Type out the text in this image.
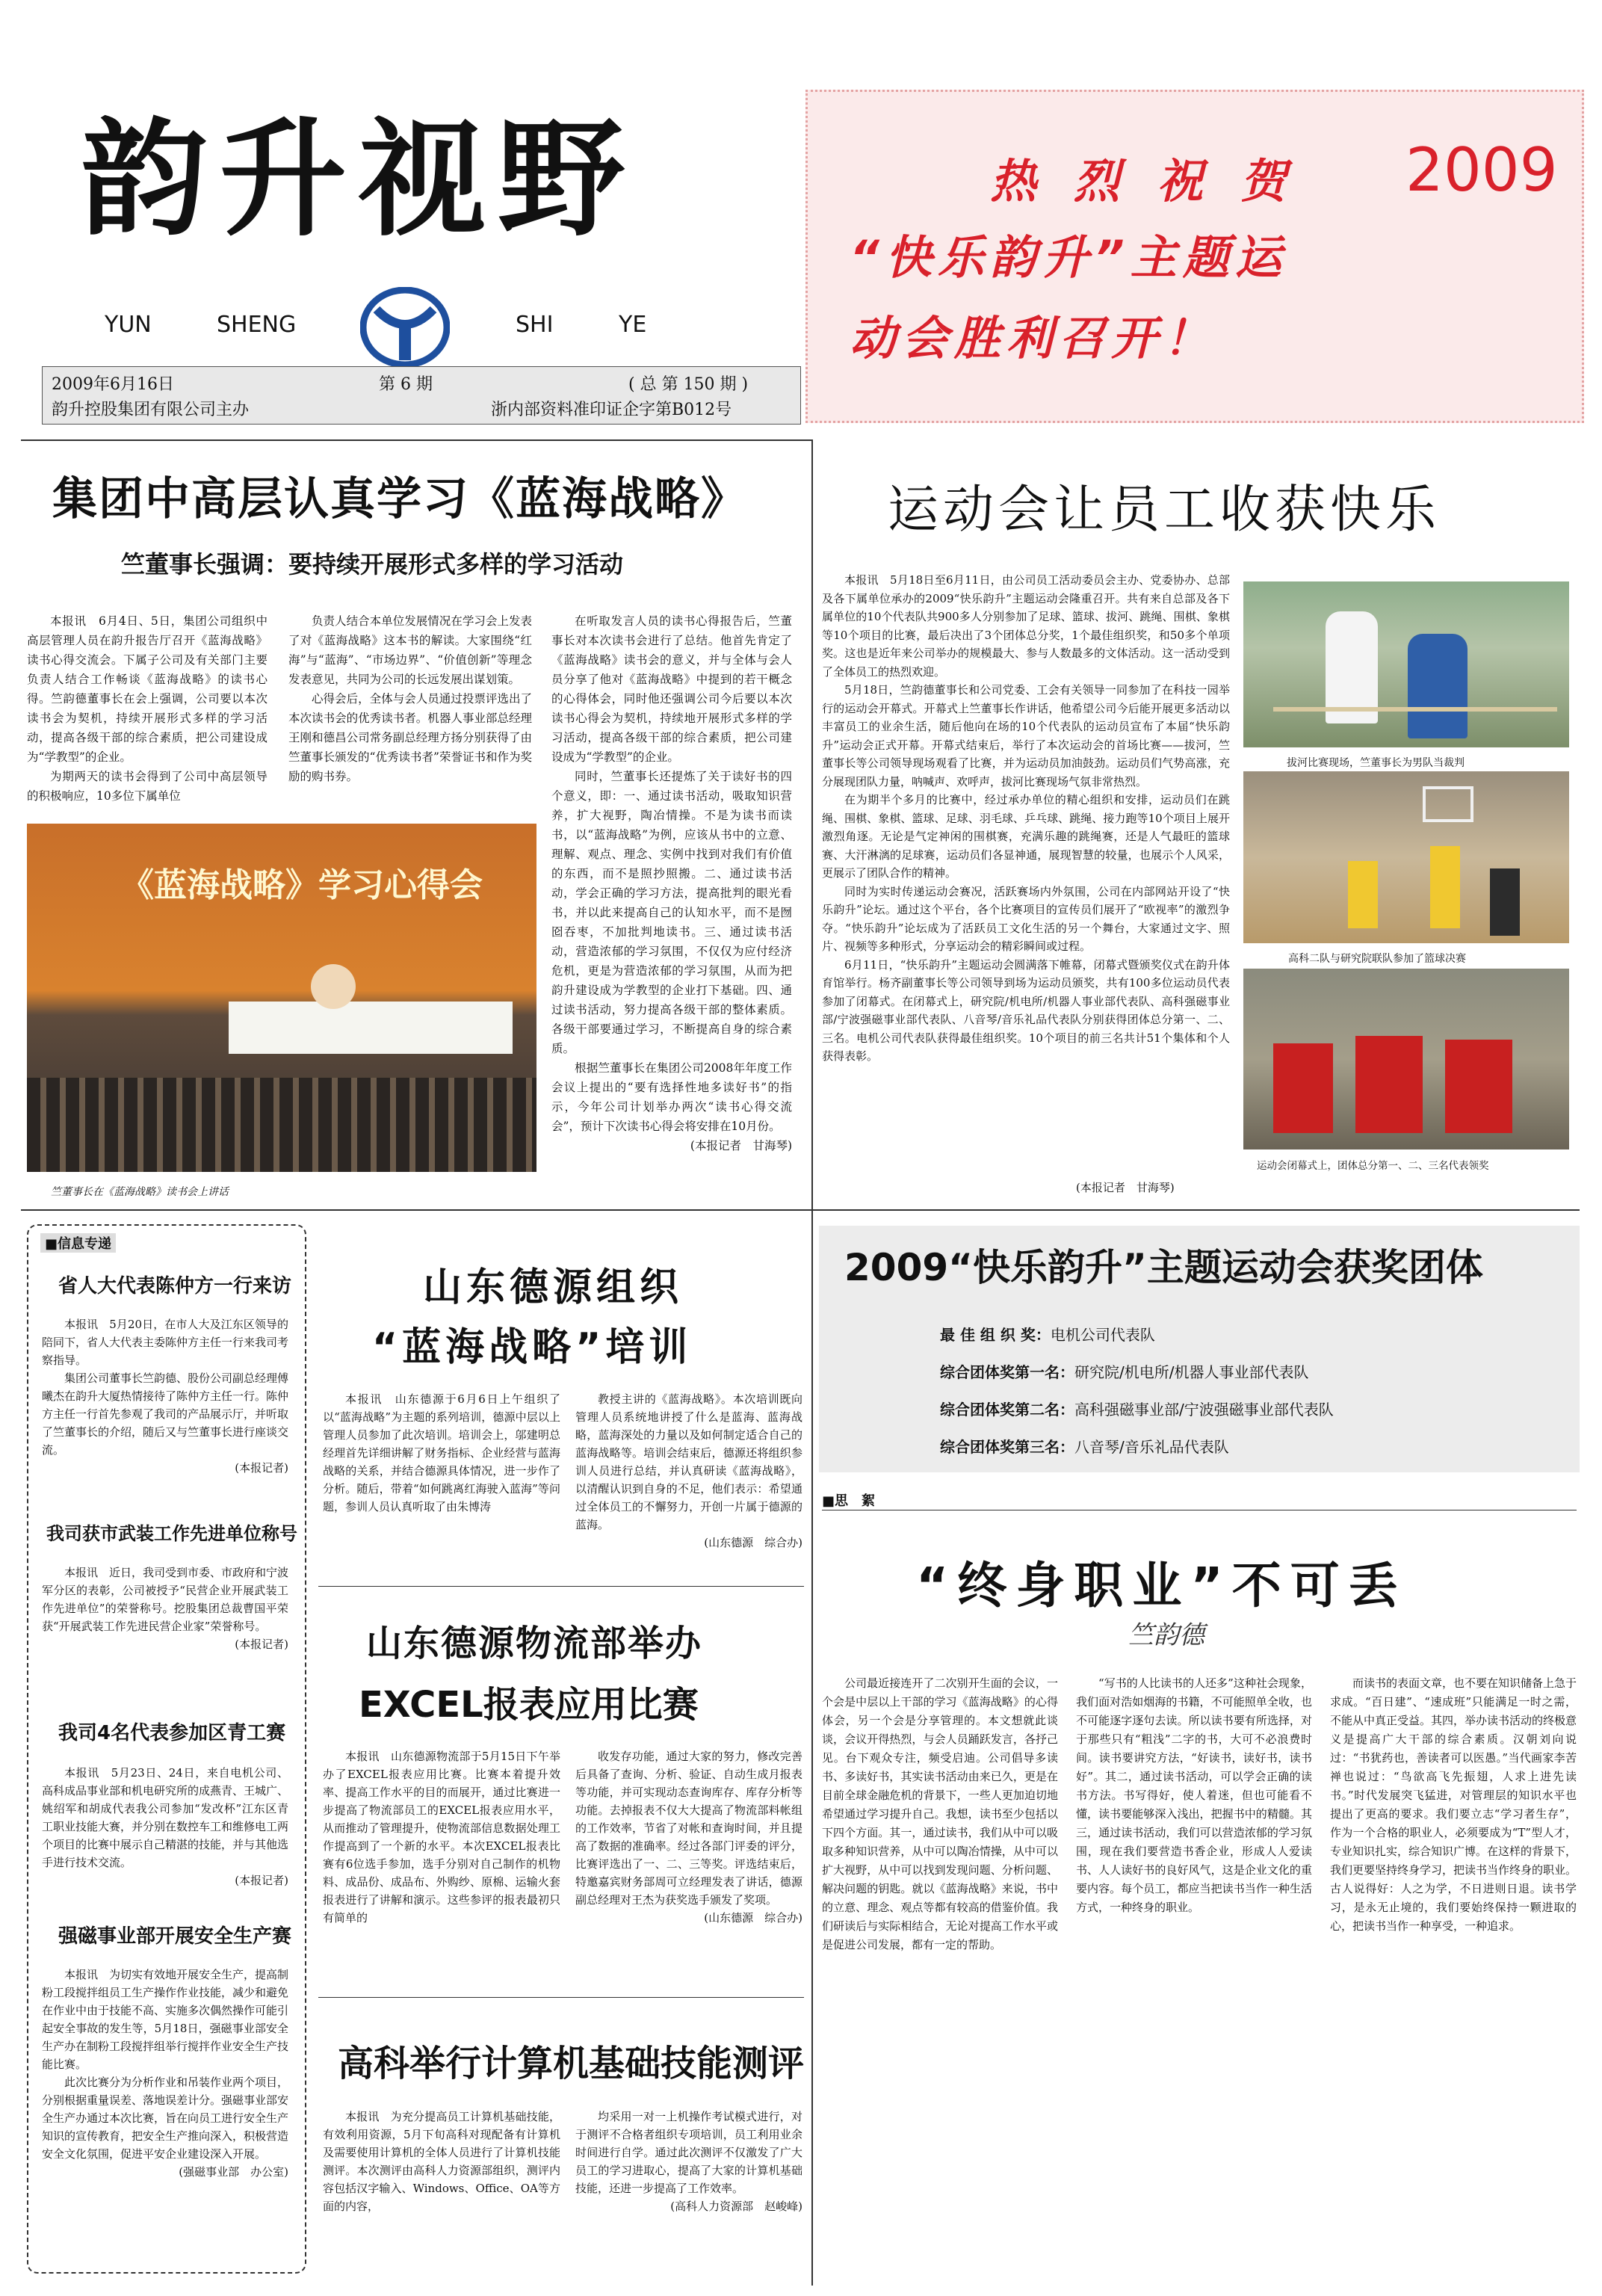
韵升视野
YUN	SHENG	SHI	YE
2009年6月16日	第 6 期	( 总 第 150 期 )
韵升控股集团有限公司主办	浙内部资料准印证企字第B012号
热 烈 祝 贺 2009
“快乐韵升”主题运
动会胜利召开！
集团中高层认真学习《蓝海战略》
竺董事长强调：要持续开展形式多样的学习活动

本报讯　6月4日、5日，集团公司组织中高层管理人员在韵升报告厅召开《蓝海战略》读书心得交流会。下属子公司及有关部门主要负责人结合工作畅谈《蓝海战略》的读书心得。竺韵德董事长在会上强调，公司要以本次读书会为契机，持续开展形式多样的学习活动，提高各级干部的综合素质，把公司建设成为“学教型”的企业。

为期两天的读书会得到了公司中高层领导的积极响应，10多位下属单位

负责人结合本单位发展情况在学习会上发表了对《蓝海战略》这本书的解读。大家围绕“红海”与“蓝海”、“市场边界”、“价值创新”等理念发表意见，共同为公司的长远发展出谋划策。

心得会后，全体与会人员通过投票评选出了本次读书会的优秀读书者。机器人事业部总经理王刚和德昌公司常务副总经理方扬分别获得了由竺董事长颁发的“优秀读书者”荣誉证书和作为奖励的购书券。

在听取发言人员的读书心得报告后，竺董事长对本次读书会进行了总结。他首先肯定了《蓝海战略》读书会的意义，并与全体与会人员分享了他对《蓝海战略》中提到的若干概念的心得体会，同时他还强调公司今后要以本次读书心得会为契机，持续地开展形式多样的学习活动，提高各级干部的综合素质，把公司建设成为“学教型”的企业。

同时，竺董事长还提炼了关于读好书的四个意义，即：一、通过读书活动，吸取知识营养，扩大视野，陶冶情操。不是为读书而读书，以“蓝海战略”为例，应该从书中的立意、理解、观点、理念、实例中找到对我们有价值的东西，而不是照抄照搬。二、通过读书活动，学会正确的学习方法，提高批判的眼光看书，并以此来提高自己的认知水平，而不是囫囵吞枣，不加批判地读书。三、通过读书活动，营造浓郁的学习氛围，不仅仅为应付经济危机，更是为营造浓郁的学习氛围，从而为把韵升建设成为学教型的企业打下基础。四、通过读书活动，努力提高各级干部的整体素质。各级干部要通过学习，不断提高自身的综合素质。

根据竺董事长在集团公司2008年年度工作会议上提出的“要有选择性地多读好书”的指示，今年公司计划举办两次“读书心得交流会”，预计下次读书心得会将安排在10月份。

(本报记者　甘海琴)
《蓝海战略》学习心得会
竺董事长在《蓝海战略》读书会上讲话
运动会让员工收获快乐

本报讯　5月18日至6月11日，由公司员工活动委员会主办、党委协办、总部及各下属单位承办的2009“快乐韵升”主题运动会隆重召开。共有来自总部及各下属单位的10个代表队共900多人分别参加了足球、篮球、拔河、跳绳、围棋、象棋等10个项目的比赛，最后决出了3个团体总分奖，1个最佳组织奖，和50多个单项奖。这也是近年来公司举办的规模最大、参与人数最多的文体活动。这一活动受到了全体员工的热烈欢迎。

5月18日，竺韵德董事长和公司党委、工会有关领导一同参加了在科技一园举行的运动会开幕式。开幕式上竺董事长作讲话，他希望公司今后能开展更多活动以丰富员工的业余生活，随后他向在场的10个代表队的运动员宣布了本届“快乐韵升”运动会正式开幕。开幕式结束后，举行了本次运动会的首场比赛——拔河，竺董事长等公司领导现场观看了比赛，并为运动员加油鼓劲。运动员们气势高涨，充分展现团队力量，呐喊声、欢呼声，拔河比赛现场气氛非常热烈。

在为期半个多月的比赛中，经过承办单位的精心组织和安排，运动员们在跳绳、围棋、象棋、篮球、足球、羽毛球、乒乓球、跳绳、接力跑等10个项目上展开激烈角逐。无论是气定神闲的围棋赛，充满乐趣的跳绳赛，还是人气最旺的篮球赛、大汗淋漓的足球赛，运动员们各显神通，展现智慧的较量，也展示个人风采，更展示了团队合作的精神。

同时为实时传递运动会赛况，活跃赛场内外氛围，公司在内部网站开设了“快乐韵升”论坛。通过这个平台，各个比赛项目的宣传员们展开了“欧视率”的激烈争夺。“快乐韵升”论坛成为了活跃员工文化生活的另一个舞台，大家通过文字、照片、视频等多种形式，分享运动会的精彩瞬间或过程。

6月11日，“快乐韵升”主题运动会圆满落下帷幕，闭幕式暨颁奖仪式在韵升体育馆举行。杨齐副董事长等公司领导到场为运动员颁奖，共有100多位运动员代表参加了闭幕式。在闭幕式上，研究院/机电所/机器人事业部代表队、高科强磁事业部/宁波强磁事业部代表队、八音琴/音乐礼品代表队分别获得团体总分第一、二、三名。电机公司代表队获得最佳组织奖。10个项目的前三名共计51个集体和个人获得表彰。

(本报记者　甘海琴)
拔河比赛现场，竺董事长为男队当裁判
高科二队与研究院联队参加了篮球决赛
运动会闭幕式上，团体总分第一、二、三名代表领奖
■信息专递
省人大代表陈仲方一行来访

本报讯　5月20日，在市人大及江东区领导的陪同下，省人大代表主委陈仲方主任一行来我司考察指导。

集团公司董事长竺韵德、股份公司副总经理傅曦杰在韵升大厦热情接待了陈仲方主任一行。陈仲方主任一行首先参观了我司的产品展示厅，并听取了竺董事长的介绍，随后又与竺董事长进行座谈交流。

(本报记者)
我司获市武装工作先进单位称号

本报讯　近日，我司受到市委、市政府和宁波军分区的表彰，公司被授予“民营企业开展武装工作先进单位”的荣誉称号。挖股集团总裁曹国平荣获“开展武装工作先进民营企业家”荣誉称号。

(本报记者)
我司4名代表参加区青工赛

本报讯　5月23日、24日，来自电机公司、高科成品事业部和机电研究所的成燕青、王城广、姚绍军和胡成代表我公司参加“发改杯”江东区青工职业技能大赛，并分别在数控车工和维修电工两个项目的比赛中展示自己精湛的技能，并与其他选手进行技术交流。

(本报记者)
强磁事业部开展安全生产赛

本报讯　为切实有效地开展安全生产，提高制粉工段搅拌组员工生产操作作业技能，减少和避免在作业中由于技能不高、实施多次偶然操作可能引起安全事故的发生等，5月18日，强磁事业部安全生产办在制粉工段搅拌组举行搅拌作业安全生产技能比赛。

此次比赛分为分析作业和吊装作业两个项目，分别根据重量误差、落地误差计分。强磁事业部安全生产办通过本次比赛，旨在向员工进行安全生产知识的宣传教育，把安全生产推向深入，积极营造安全文化氛围，促进平安企业建设深入开展。

(强磁事业部　办公室)
山东德源组织
“蓝海战略”培训

本报讯　山东德源于6月6日上午组织了以“蓝海战略”为主题的系列培训，德源中层以上管理人员参加了此次培训。培训会上，邬建明总经理首先详细讲解了财务指标、企业经营与蓝海战略的关系，并结合德源具体情况，进一步作了分析。随后，带着“如何跳离红海驶入蓝海”等问题，参训人员认真听取了由朱博涛

教授主讲的《蓝海战略》。本次培训既向管理人员系统地讲授了什么是蓝海、蓝海战略，蓝海深处的力量以及如何制定适合自己的蓝海战略等。培训会结束后，德源还将组织参训人员进行总结，并认真研读《蓝海战略》，以清醒认识到自身的不足，他们表示：希望通过全体员工的不懈努力，开创一片属于德源的蓝海。

(山东德源　综合办)
山东德源物流部举办
EXCEL报表应用比赛

本报讯　山东德源物流部于5月15日下午举办了EXCEL报表应用比赛。比赛本着提升效率、提高工作水平的目的而展开，通过比赛进一步提高了物流部员工的EXCEL报表应用水平，从而推动了管理提升，使物流部信息数据处理工作提高到了一个新的水平。本次EXCEL报表比赛有6位选手参加，选手分别对自己制作的机物料、成品份、成品布、外购纱、原棉、运输火套报表进行了讲解和演示。这些参评的报表最初只有简单的

收发存功能，通过大家的努力，修改完善后具备了查询、分析、验证、自动生成月报表等功能，并可实现动态查询库存、库存分析等功能。去掉报表不仅大大提高了物流部料帐组的工作效率，节省了对帐和查询时间，并且提高了数据的准确率。经过各部门评委的评分，比赛评选出了一、二、三等奖。评选结束后，特邀嘉宾财务部周可立经理发表了讲话，德源副总经理对王杰为获奖选手颁发了奖项。

(山东德源　综合办)
高科举行计算机基础技能测评

本报讯　为充分提高员工计算机基础技能，有效利用资源，5月下旬高科对现配备有计算机及需要使用计算机的全体人员进行了计算机技能测评。本次测评由高科人力资源部组织，测评内容包括汉字输入、Windows、Office、OA等方面的内容，

均采用一对一上机操作考试模式进行，对于测评不合格者组织专项培训，员工利用业余时间进行自学。通过此次测评不仅激发了广大员工的学习进取心，提高了大家的计算机基础技能，还进一步提高了工作效率。

(高科人力资源部　赵峻峰)
2009“快乐韵升”主题运动会获奖团体
最 佳 组 织 奖：电机公司代表队
综合团体奖第一名：研究院/机电所/机器人事业部代表队
综合团体奖第二名：高科强磁事业部/宁波强磁事业部代表队
综合团体奖第三名：八音琴/音乐礼品代表队
■思　絮
“终身职业”不可丢
竺韵德

公司最近接连开了二次别开生面的会议，一个会是中层以上干部的学习《蓝海战略》的心得体会，另一个会是分享管理的。本文想就此谈谈，会议开得热烈，与会人员踊跃发言，各抒己见。台下观众专注，频受启迪。公司倡导多读书、多读好书，其实读书活动由来已久，更是在目前全球金融危机的背景下，一些人更加迫切地希望通过学习提升自己。我想，读书至少包括以下四个方面。其一，通过读书，我们从中可以吸取多种知识营养，从中可以陶冶情操，从中可以扩大视野，从中可以找到发现问题、分析问题、解决问题的钥匙。就以《蓝海战略》来说，书中的立意、理念、观点等都有较高的借鉴价值。我们研读后与实际相结合，无论对提高工作水平或是促进公司发展，都有一定的帮助。

“写书的人比读书的人还多”这种社会现象，我们面对浩如烟海的书籍，不可能照单全收，也不可能逐字逐句去读。所以读书要有所选择，对于那些只有“粗浅”二字的书，大可不必浪费时间。读书要讲究方法，“好读书，读好书，读书好”。其二，通过读书活动，可以学会正确的读书方法。书写得好，使人着迷，但也可能看不懂，读书要能够深入浅出，把握书中的精髓。其三，通过读书活动，我们可以营造浓郁的学习氛围，现在我们要营造书香企业，形成人人爱读书、人人读好书的良好风气，这是企业文化的重要内容。每个员工，都应当把读书当作一种生活方式，一种终身的职业。

而读书的表面文章，也不要在知识储备上急于求成。“百日建”、“速成班”只能满足一时之需，不能从中真正受益。其四，举办读书活动的终极意义是提高广大干部的综合素质。汉朝刘向说过：“书犹药也，善读者可以医愚。”当代画家李苦禅也说过：“鸟欲高飞先振翅，人求上进先读书。”时代发展突飞猛进，对管理层的知识水平也提出了更高的要求。我们要立志“学习者生存”，作为一个合格的职业人，必须要成为“T”型人才，专业知识扎实，综合知识广博。在这样的背景下，我们更要坚持终身学习，把读书当作终身的职业。古人说得好：人之为学，不日进则日退。读书学习，是永无止境的，我们要始终保持一颗进取的心，把读书当作一种享受，一种追求。
